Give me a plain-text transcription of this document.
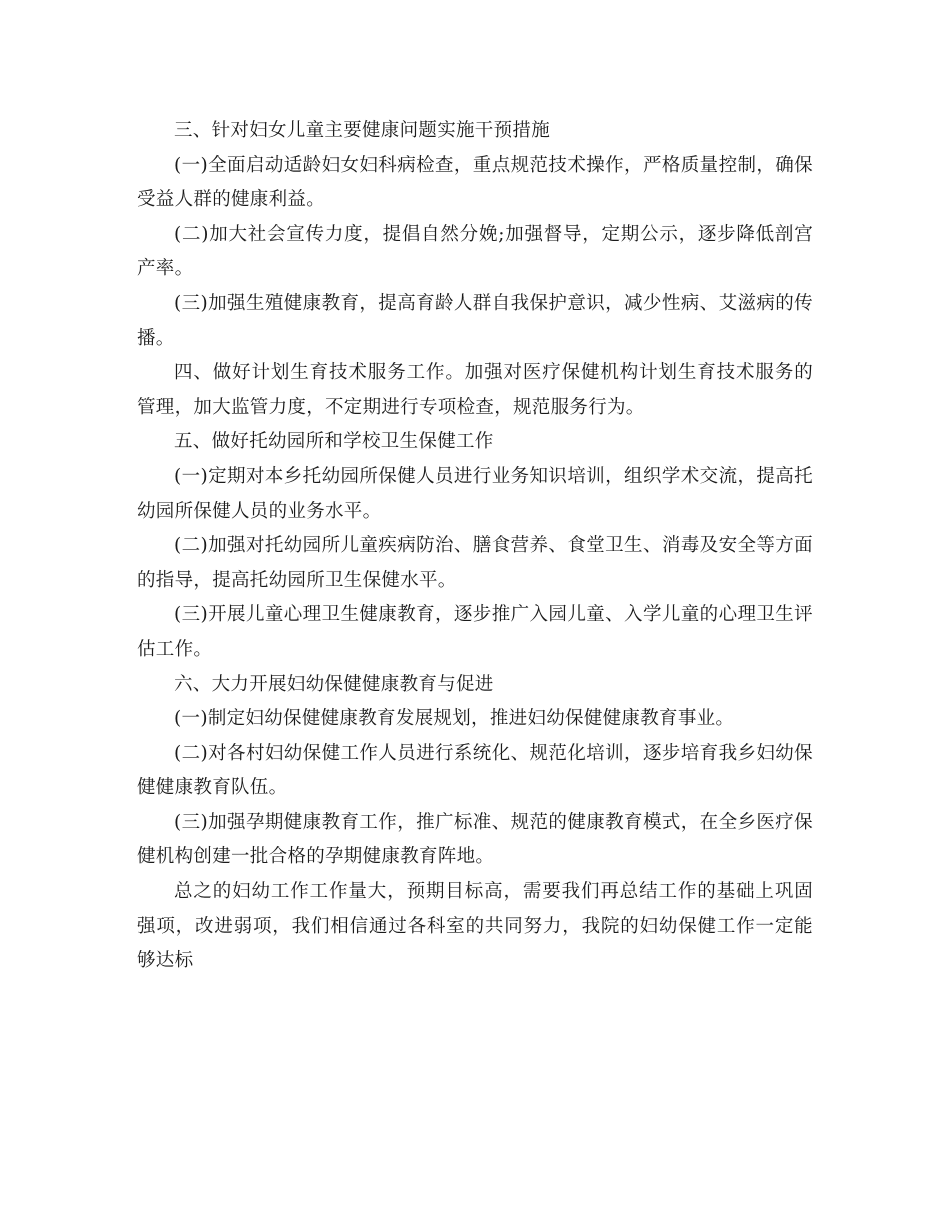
三、针对妇女儿童主要健康问题实施干预措施

(一)全面启动适龄妇女妇科病检查，重点规范技术操作，严格质量控制，确保受益人群的健康利益。

(二)加大社会宣传力度，提倡自然分娩;加强督导，定期公示，逐步降低剖宫产率。

(三)加强生殖健康教育，提高育龄人群自我保护意识，减少性病、艾滋病的传播。

四、做好计划生育技术服务工作。加强对医疗保健机构计划生育技术服务的管理，加大监管力度，不定期进行专项检查，规范服务行为。

五、做好托幼园所和学校卫生保健工作

(一)定期对本乡托幼园所保健人员进行业务知识培训，组织学术交流，提高托幼园所保健人员的业务水平。

(二)加强对托幼园所儿童疾病防治、膳食营养、食堂卫生、消毒及安全等方面的指导，提高托幼园所卫生保健水平。

(三)开展儿童心理卫生健康教育，逐步推广入园儿童、入学儿童的心理卫生评估工作。

六、大力开展妇幼保健健康教育与促进

(一)制定妇幼保健健康教育发展规划，推进妇幼保健健康教育事业。

(二)对各村妇幼保健工作人员进行系统化、规范化培训，逐步培育我乡妇幼保健健康教育队伍。

(三)加强孕期健康教育工作，推广标准、规范的健康教育模式，在全乡医疗保健机构创建一批合格的孕期健康教育阵地。

总之的妇幼工作工作量大，预期目标高，需要我们再总结工作的基础上巩固强项，改进弱项，我们相信通过各科室的共同努力，我院的妇幼保健工作一定能够达标
